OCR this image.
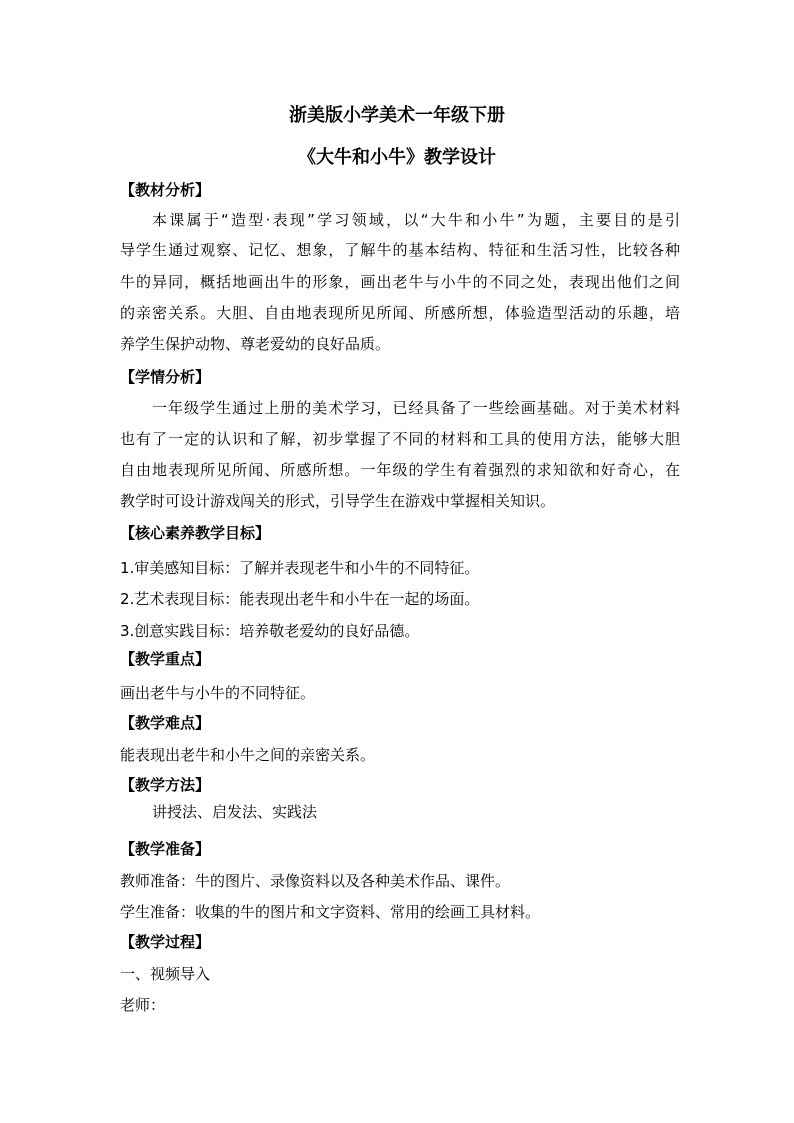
浙美版小学美术一年级下册
《大牛和小牛》教学设计
【教材分析】
本课属于“造型·表现”学习领域，以“大牛和小牛”为题，主要目的是引
导学生通过观察、记忆、想象，了解牛的基本结构、特征和生活习性，比较各种
牛的异同，概括地画出牛的形象，画出老牛与小牛的不同之处，表现出他们之间
的亲密关系。大胆、自由地表现所见所闻、所感所想，体验造型活动的乐趣，培
养学生保护动物、尊老爱幼的良好品质。
【学情分析】
一年级学生通过上册的美术学习，已经具备了一些绘画基础。对于美术材料
也有了一定的认识和了解，初步掌握了不同的材料和工具的使用方法，能够大胆
自由地表现所见所闻、所感所想。一年级的学生有着强烈的求知欲和好奇心，在
教学时可设计游戏闯关的形式，引导学生在游戏中掌握相关知识。
【核心素养教学目标】
1.审美感知目标：了解并表现老牛和小牛的不同特征。
2.艺术表现目标：能表现出老牛和小牛在一起的场面。
3.创意实践目标：培养敬老爱幼的良好品德。
【教学重点】
画出老牛与小牛的不同特征。
【教学难点】
能表现出老牛和小牛之间的亲密关系。
【教学方法】
讲授法、启发法、实践法
【教学准备】
教师准备：牛的图片、录像资料以及各种美术作品、课件。
学生准备：收集的牛的图片和文字资料、常用的绘画工具材料。
【教学过程】
一、视频导入
老师：
